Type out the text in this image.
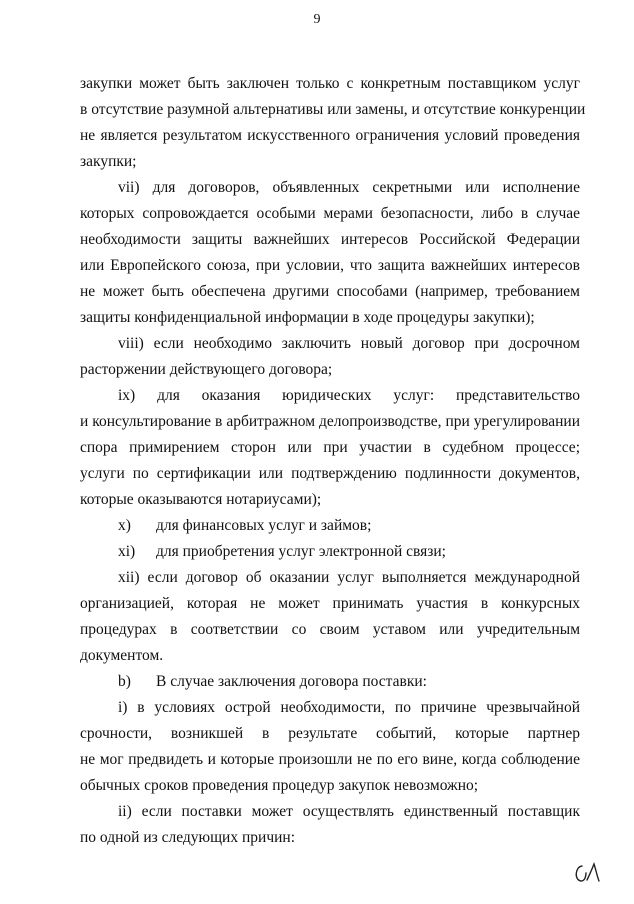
9
закупки может быть заключен только с конкретным поставщиком услуг
в отсутствие разумной альтернативы или замены, и отсутствие конкуренции
не является результатом искусственного ограничения условий проведения
закупки;
vii) для договоров, объявленных секретными или исполнение
которых сопровождается особыми мерами безопасности, либо в случае
необходимости защиты важнейших интересов Российской Федерации
или Европейского союза, при условии, что защита важнейших интересов
не может быть обеспечена другими способами (например, требованием
защиты конфиденциальной информации в ходе процедуры закупки);
viii) если необходимо заключить новый договор при досрочном
расторжении действующего договора;
ix) для оказания юридических услуг: представительство
и консультирование в арбитражном делопроизводстве, при урегулировании
спора примирением сторон или при участии в судебном процессе;
услуги по сертификации или подтверждению подлинности документов,
которые оказываются нотариусами);
x) для финансовых услуг и займов;
xi) для приобретения услуг электронной связи;
xii) если договор об оказании услуг выполняется международной
организацией, которая не может принимать участия в конкурсных
процедурах в соответствии со своим уставом или учредительным
документом.
b) В случае заключения договора поставки:
i) в условиях острой необходимости, по причине чрезвычайной
срочности, возникшей в результате событий, которые партнер
не мог предвидеть и которые произошли не по его вине, когда соблюдение
обычных сроков проведения процедур закупок невозможно;
ii) если поставки может осуществлять единственный поставщик
по одной из следующих причин:
